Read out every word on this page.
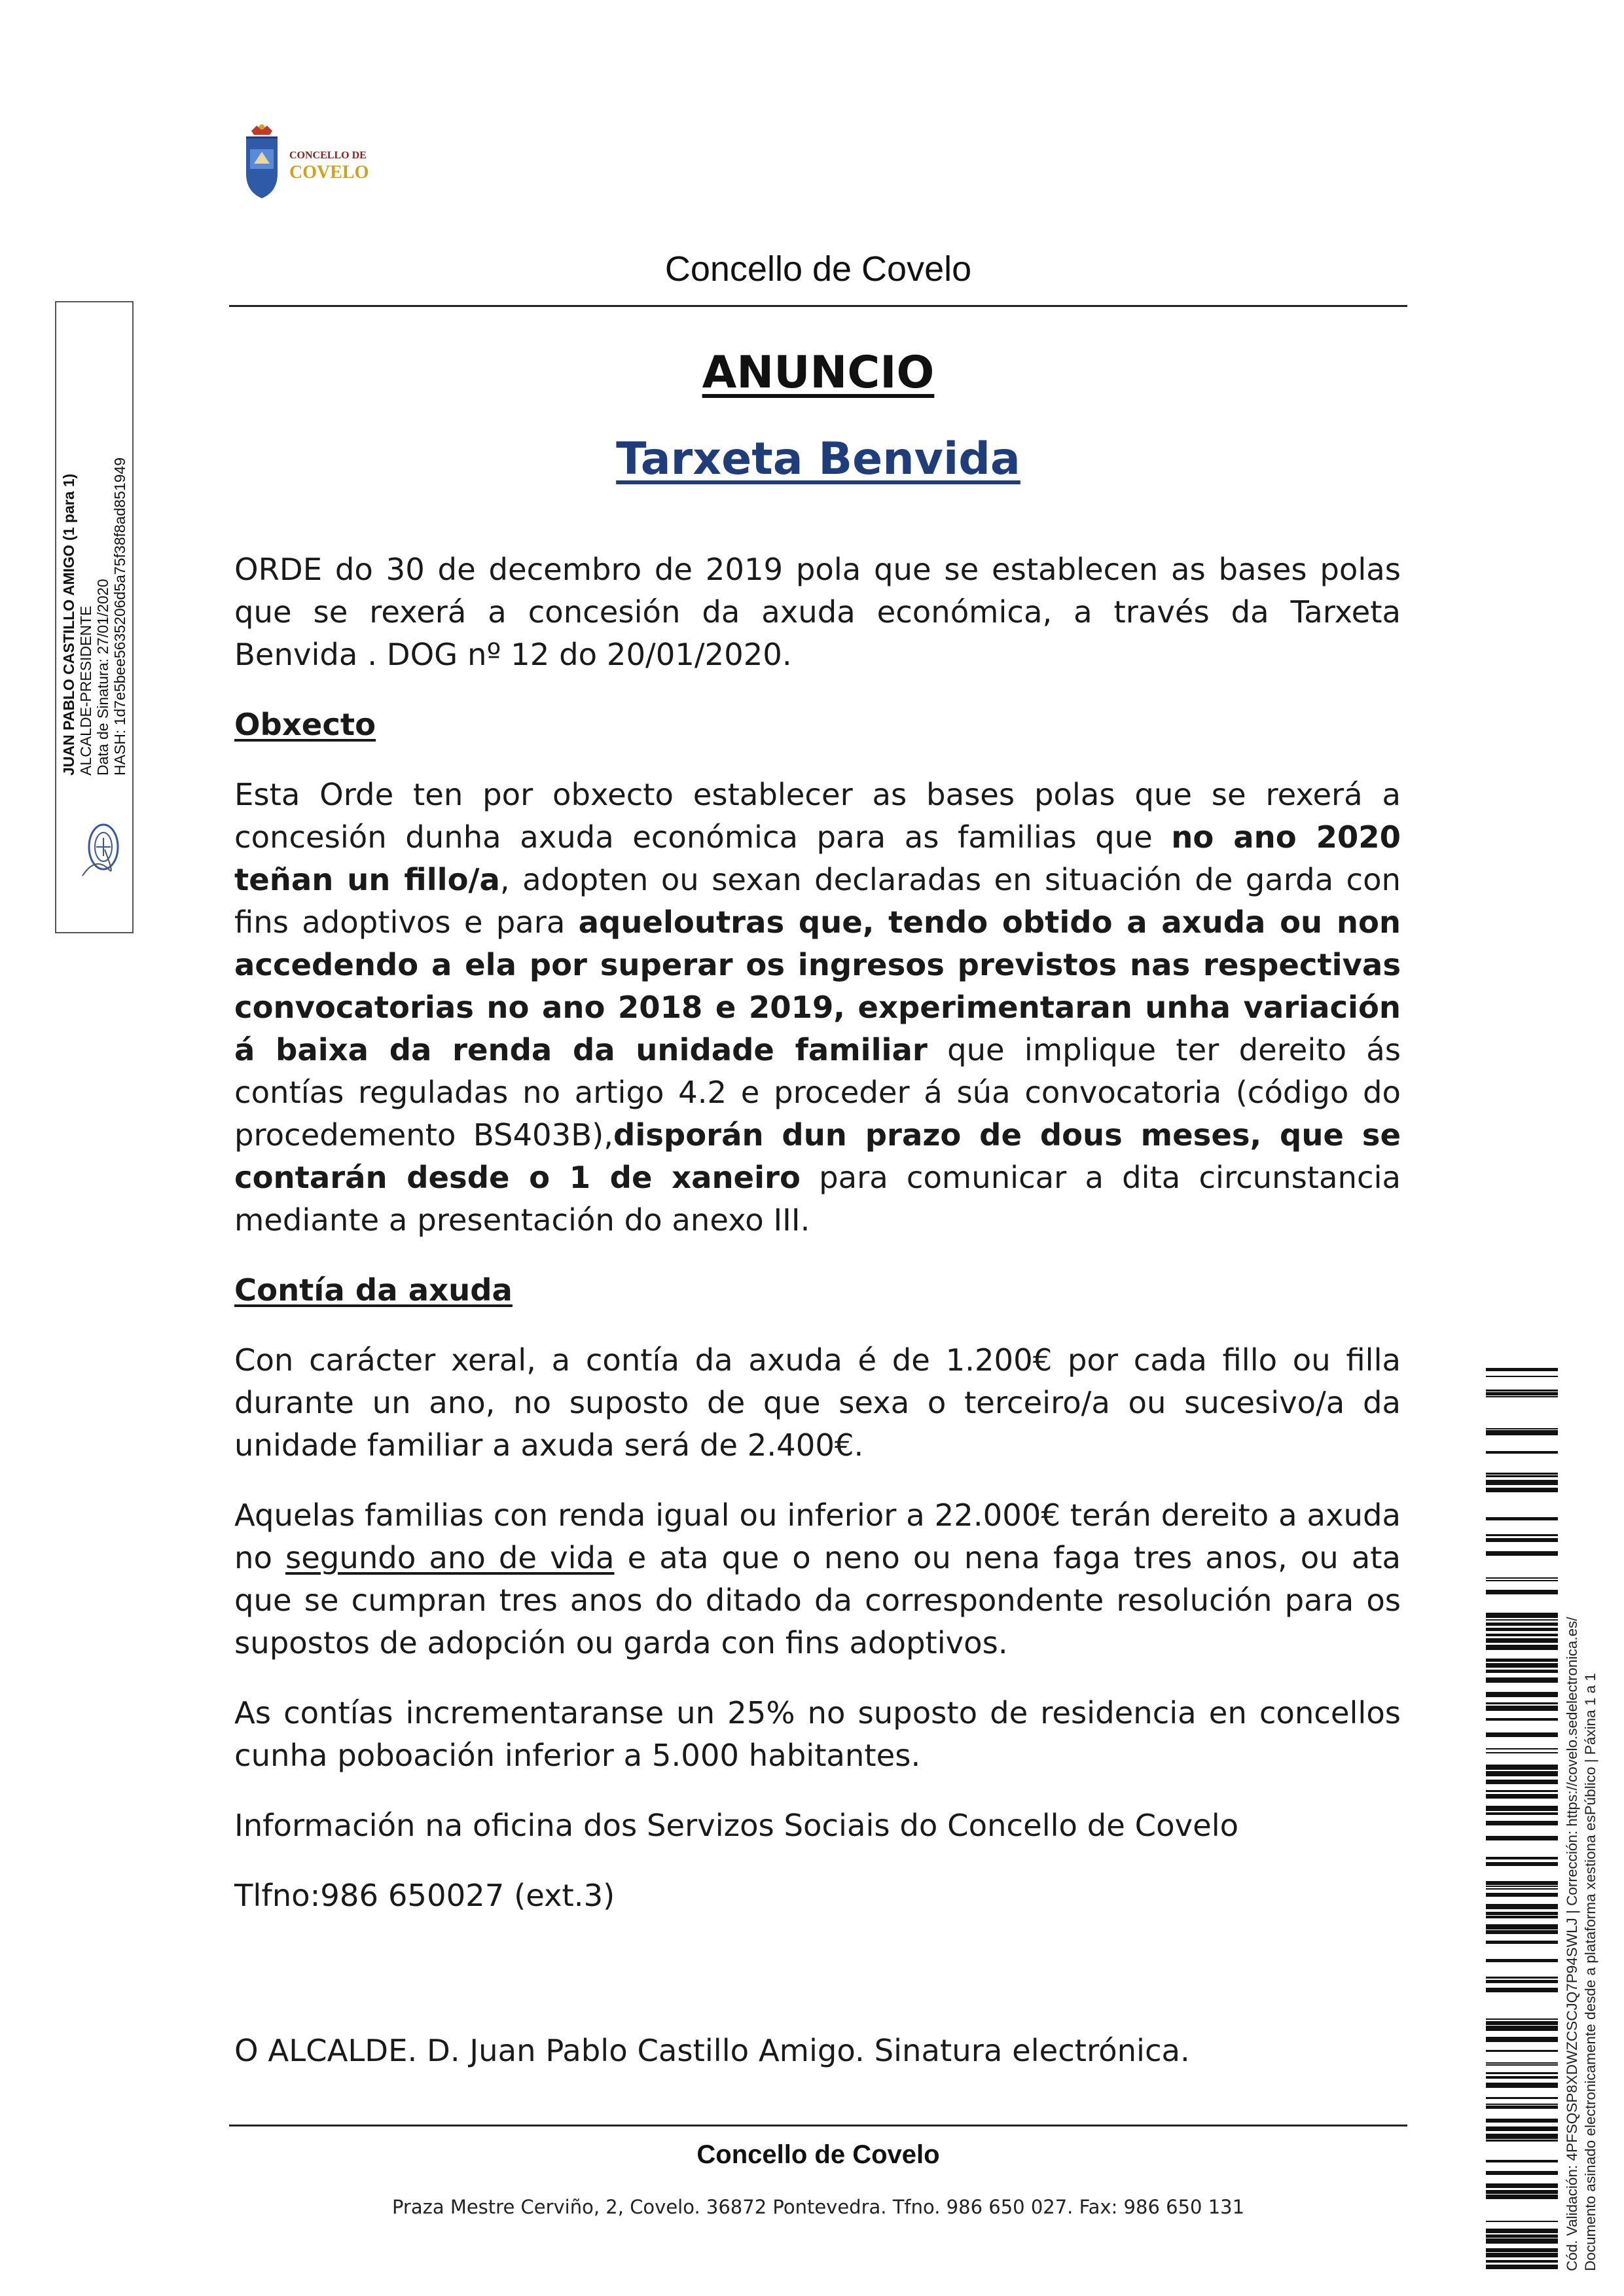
CONCELLO DE
COVELO
Concello de Covelo
ANUNCIO
Tarxeta Benvida

ORDE do 30 de decembro de 2019 pola que se establecen as bases polas que se rexerá a concesión da axuda económica, a través da Tarxeta Benvida . DOG nº 12 do 20/01/2020.

Obxecto

Esta Orde ten por obxecto establecer as bases polas que se rexerá a concesión dunha axuda económica para as familias que no ano 2020 teñan un fillo/a, adopten ou sexan declaradas en situación de garda con fins adoptivos e para aqueloutras que, tendo obtido a axuda ou non accedendo a ela por superar os ingresos previstos nas respectivas convocatorias no ano 2018 e 2019, experimentaran unha variación á baixa da renda da unidade familiar que implique ter dereito ás contías reguladas no artigo 4.2 e proceder á súa convocatoria (código do procedemento BS403B),disporán dun prazo de dous meses, que se contarán desde o 1 de xaneiro para comunicar a dita circunstancia mediante a presentación do anexo III.

Contía da axuda

Con carácter xeral, a contía da axuda é de 1.200€ por cada fillo ou filla durante un ano, no suposto de que sexa o terceiro/a ou sucesivo/a da unidade familiar a axuda será de 2.400€.

Aquelas familias con renda igual ou inferior a 22.000€ terán dereito a axuda no segundo ano de vida e ata que o neno ou nena faga tres anos, ou ata que se cumpran tres anos do ditado da correspondente resolución para os supostos de adopción ou garda con fins adoptivos.

As contías incrementaranse un 25% no suposto de residencia en concellos cunha poboación inferior a 5.000 habitantes.

Información na oficina dos Servizos Sociais do Concello de Covelo

Tlfno:986 650027 (ext.3)

O ALCALDE. D. Juan Pablo Castillo Amigo. Sinatura electrónica.

Concello de Covelo
Praza Mestre Cerviño, 2, Covelo. 36872 Pontevedra. Tfno. 986 650 027. Fax: 986 650 131
JUAN PABLO CASTILLO AMIGO (1 para 1) ALCALDE-PRESIDENTE Data de Sinatura: 27/01/2020 HASH: 1d7e5bee5635206d5a75f38f8ad851949
Cód. Validación: 4PFSQSP8XDWZCSCJQ7P94SWLJ | Corrección: https://covelo.sedelectronica.es/ Documento asinado electronicamente desde a plataforma xestiona esPúblico | Páxina 1 a 1
